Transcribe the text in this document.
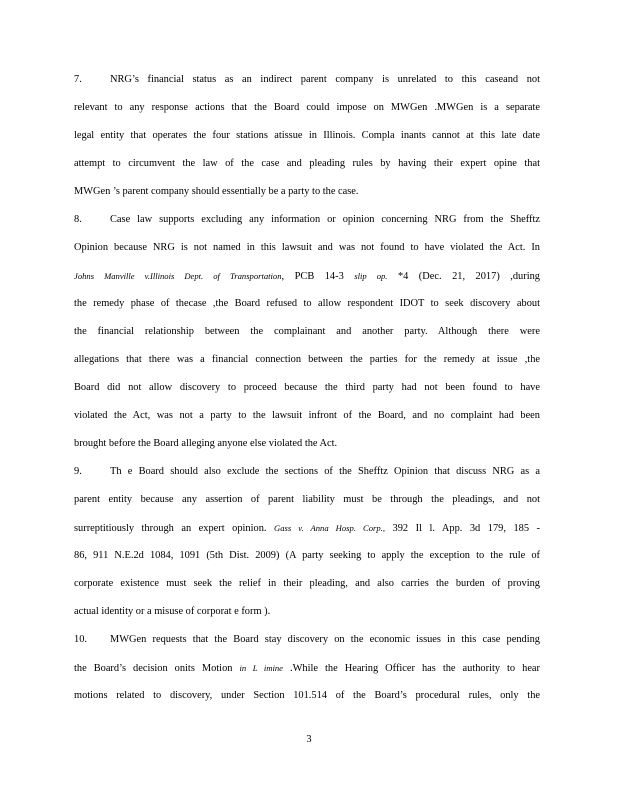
7.	NRG’s financial status as an indirect parent company is unrelated to this caseand not
relevant to any response actions that the Board could impose on MWGen .MWGen is a separate
legal entity that operates the four stations atissue in Illinois. Compla inants cannot at this late date
attempt to circumvent the law of the case and pleading rules by having their expert opine that
MWGen ’s parent company should essentially be a party to the case.
8.	Case law supports excluding any information or opinion concerning NRG from the Shefftz
Opinion because NRG is not named in this lawsuit and was not found to have violated the Act. In
Johns Manville v.Illinois Dept. of Transportation, PCB 14-3 slip op. *4 (Dec. 21, 2017) ,during
the remedy phase of thecase ,the Board refused to allow respondent IDOT to seek discovery about
the financial relationship between the complainant and another party. Although there were
allegations that there was a financial connection between the parties for the remedy at issue ,the
Board did not allow discovery to proceed because the third party had not been found to have
violated the Act, was not a party to the lawsuit infront of the Board, and no complaint had been
brought before the Board alleging anyone else violated the Act.
9.	Th e Board should also exclude the sections of the Shefftz Opinion that discuss NRG as a
parent entity because any assertion of parent liability must be through the pleadings, and not
surreptitiously through an expert opinion. Gass v. Anna Hosp. Corp., 392 Il l. App. 3d 179, 185 -
86, 911 N.E.2d 1084, 1091 (5th Dist. 2009) (A party seeking to apply the exception to the rule of
corporate existence must seek the relief in their pleading, and also carries the burden of proving
actual identity or a misuse of corporat e form ).
10. MWGen requests that the Board stay discovery on the economic issues in this case pending
the Board’s decision onits Motion in L imine .While the Hearing Officer has the authority to hear
motions related to discovery, under Section 101.514 of the Board’s procedural rules, only the
3
